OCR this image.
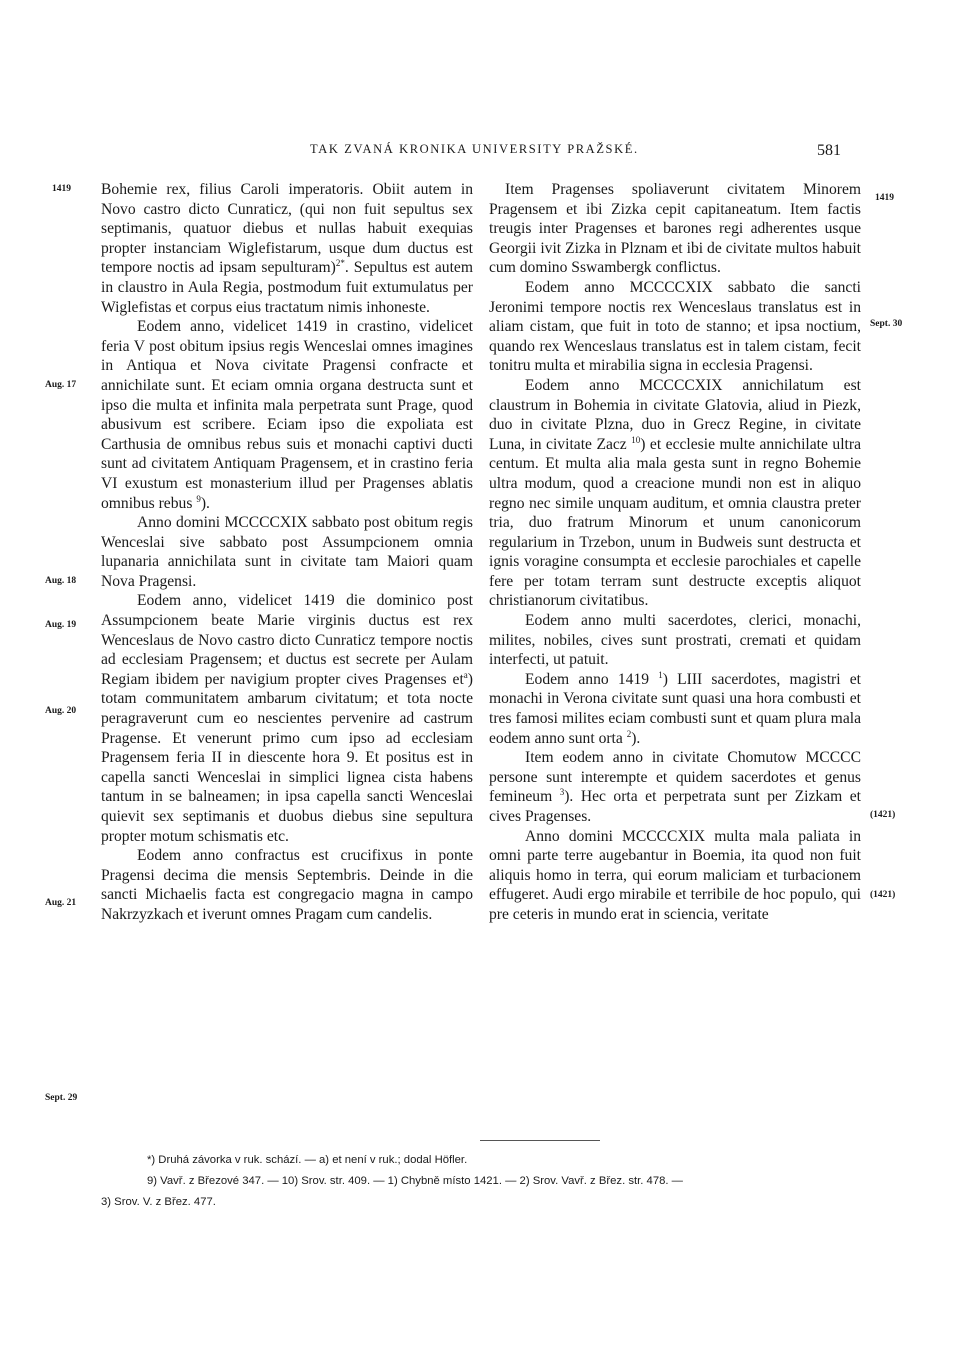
TAK ZVANÁ KRONIKA UNIVERSITY PRAŽSKÉ.	581
1419
Aug. 17
Aug. 18
Aug. 19
Aug. 20
Aug. 21
Sept. 29
1419
Sept. 30
(1421)
(1421)

Bohemie rex, filius Caroli imperatoris. Obiit autem in Novo castro dicto Cunraticz, (qui non fuit sepultus sex septimanis, quatuor diebus et nullas habuit exequias propter instanciam Wiglefistarum, usque dum ductus est tempore noctis ad ipsam sepulturam)$^{2*}$. Sepultus est autem in claustro in Aula Regia, postmodum fuit extumulatus per Wiglefistas et corpus eius tractatum nimis inhoneste.

Eodem anno, videlicet 1419 in crastino, videlicet feria V post obitum ipsius regis Wenceslai omnes imagines in Antiqua et Nova civitate Pragensi confracte et annichilate sunt. Et eciam omnia organa destructa sunt et ipso die multa et infinita mala perpetrata sunt Prage, quod abusivum est scribere. Eciam ipso die expoliata est Carthusia de omnibus rebus suis et monachi captivi ducti sunt ad civitatem Antiquam Pragensem, et in crastino feria VI exustum est monasterium illud per Pragenses ablatis omnibus rebus $^9$).

Anno domini MCCCCXIX sabbato post obitum regis Wenceslai sive sabbato post Assumpcionem omnia lupanaria annichilata sunt in civitate tam Maiori quam Nova Pragensi.

Eodem anno, videlicet 1419 die dominico post Assumpcionem beate Marie virginis ductus est rex Wenceslaus de Novo castro dicto Cunraticz tempore noctis ad ecclesiam Pragensem; et ductus est secrete per Aulam Regiam ibidem per navigium propter cives Pragenses $et^a$) totam communitatem ambarum civitatum; et tota nocte peragraverunt cum eo nescientes pervenire ad castrum Pragense. Et venerunt primo cum ipso ad ecclesiam Pragensem feria II in diescente hora 9. Et positus est in capella sancti Wenceslai in simplici lignea cista habens tantum in se balneamen; in ipsa capella sancti Wenceslai quievit sex septimanis et duobus diebus sine sepultura propter motum schismatis etc.

Eodem anno confractus est crucifixus in ponte Pragensi decima die mensis Septembris. Deinde in die sancti Michaelis facta est congregacio magna in campo Nakrzyzkach et iverunt omnes Pragam cum candelis.

Item Pragenses spoliaverunt civitatem Minorem Pragensem et ibi Zizka cepit capitaneatum. Item factis treugis inter Pragenses et barones regi adherentes usque Georgii ivit Zizka in Plznam et ibi de civitate multos habuit cum domino Sswambergk conflictus.

Eodem anno MCCCCXIX sabbato die sancti Jeronimi tempore noctis rex Wenceslaus translatus est in aliam cistam, que fuit in toto de stanno; et ipsa noctium, quando rex Wenceslaus translatus est in talem cistam, fecit tonitru multa et mirabilia signa in ecclesia Pragensi.

Eodem anno MCCCCXIX annichilatum est claustrum in Bohemia in civitate Glatovia, aliud in Piezk, duo in civitate Plzna, duo in Grecz Regine, in civitate Luna, in civitate Zacz $^{10}$) et ecclesie multe annichilate ultra centum. Et multa alia mala gesta sunt in regno Bohemie ultra modum, quod a creacione mundi non est in aliquo regno nec simile unquam auditum, et omnia claustra preter tria, duo fratrum Minorum et unum canonicorum regularium in Trzebon, unum in Budweis sunt destructa et ignis voragine consumpta et ecclesie parochiales et capelle fere per totam terram sunt destructe exceptis aliquot christianorum civitatibus.

Eodem anno multi sacerdotes, clerici, monachi, milites, nobiles, cives sunt prostrati, cremati et quidam interfecti, ut patuit.

Eodem anno 1419 $^1$) LIII sacerdotes, magistri et monachi in Verona civitate sunt quasi una hora combusti et tres famosi milites eciam combusti sunt et quam plura mala eodem anno sunt orta $^2$).

Item eodem anno in civitate Chomutow MCCCC persone sunt interempte et quidem sacerdotes et genus femineum $^3$). Hec orta et perpetrata sunt per Zizkam et cives Pragenses.

Anno domini MCCCCXIX multa mala paliata in omni parte terre augebantur in Boemia, ita quod non fuit aliquis homo in terra, qui eorum maliciam et turbacionem effugeret. Audi ergo mirabile et terribile de hoc populo, qui pre ceteris in mundo erat in sciencia, veritate

*) Druhá závorka v ruk. schází. — a) et není v ruk.; dodal Höfler.

9) Vavř. z Březové 347. — 10) Srov. str. 409. — 1) Chybně místo 1421. — 2) Srov. Vavř. z Břez. str. 478. —

3) Srov. V. z Břez. 477.
